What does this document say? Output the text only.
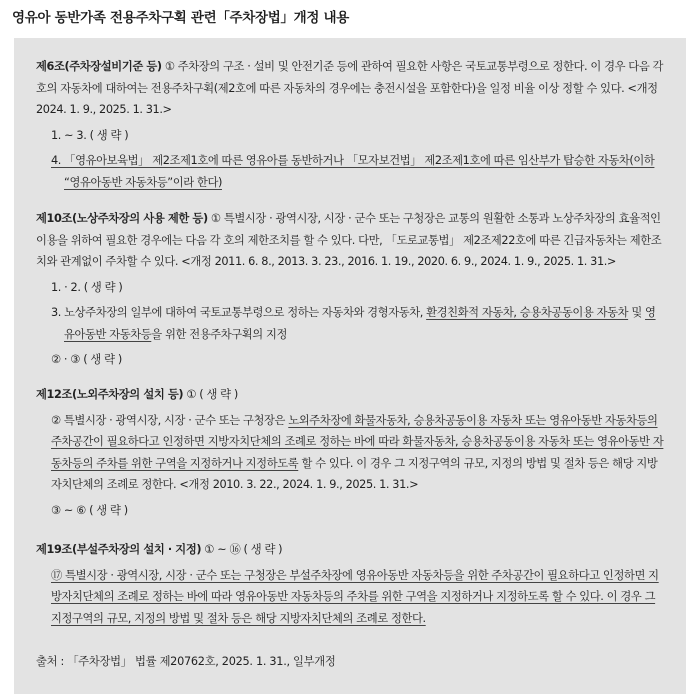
영유아 동반가족 전용주차구획 관련「주차장법」개정 내용

제6조(주차장설비기준 등) ① 주차장의 구조 · 설비 및 안전기준 등에 관하여 필요한 사항은 국토교통부령으로 정한다. 이 경우 다음 각 호의 자동차에 대하여는 전용주차구획(제2호에 따른 자동차의 경우에는 충전시설을 포함한다)을 일정 비율 이상 정할 수 있다. <개정 2024. 1. 9., 2025. 1. 31.>

1. ~ 3. ( 생 략 )

4. 「영유아보육법」 제2조제1호에 따른 영유아를 동반하거나 「모자보건법」 제2조제1호에 따른 임산부가 탑승한 자동차(이하 “영유아동반 자동차등”이라 한다)

제10조(노상주차장의 사용 제한 등) ① 특별시장 · 광역시장, 시장 · 군수 또는 구청장은 교통의 원활한 소통과 노상주차장의 효율적인 이용을 위하여 필요한 경우에는 다음 각 호의 제한조치를 할 수 있다. 다만, 「도로교통법」 제2조제22호에 따른 긴급자동차는 제한조치와 관계없이 주차할 수 있다. <개정 2011. 6. 8., 2013. 3. 23., 2016. 1. 19., 2020. 6. 9., 2024. 1. 9., 2025. 1. 31.>

1. · 2. ( 생 략 )

3. 노상주차장의 일부에 대하여 국토교통부령으로 정하는 자동차와 경형자동차, 환경친화적 자동차, 승용차공동이용 자동차 및 영유아동반 자동차등을 위한 전용주차구획의 지정

② · ③ ( 생 략 )

제12조(노외주차장의 설치 등) ① ( 생 략 )

② 특별시장 · 광역시장, 시장 · 군수 또는 구청장은 노외주차장에 화물자동차, 승용차공동이용 자동차 또는 영유아동반 자동차등의 주차공간이 필요하다고 인정하면 지방자치단체의 조례로 정하는 바에 따라 화물자동차, 승용차공동이용 자동차 또는 영유아동반 자동차등의 주차를 위한 구역을 지정하거나 지정하도록 할 수 있다. 이 경우 그 지정구역의 규모, 지정의 방법 및 절차 등은 해당 지방자치단체의 조례로 정한다. <개정 2010. 3. 22., 2024. 1. 9., 2025. 1. 31.>

③ ~ ⑥ ( 생 략 )

제19조(부설주차장의 설치 · 지정) ① ~ ⑯ ( 생 략 )

⑰ 특별시장 · 광역시장, 시장 · 군수 또는 구청장은 부설주차장에 영유아동반 자동차등을 위한 주차공간이 필요하다고 인정하면 지방자치단체의 조례로 정하는 바에 따라 영유아동반 자동차등의 주차를 위한 구역을 지정하거나 지정하도록 할 수 있다. 이 경우 그 지정구역의 규모, 지정의 방법 및 절차 등은 해당 지방자치단체의 조례로 정한다.

출처 : 「주차장법」 법률 제20762호, 2025. 1. 31., 일부개정
